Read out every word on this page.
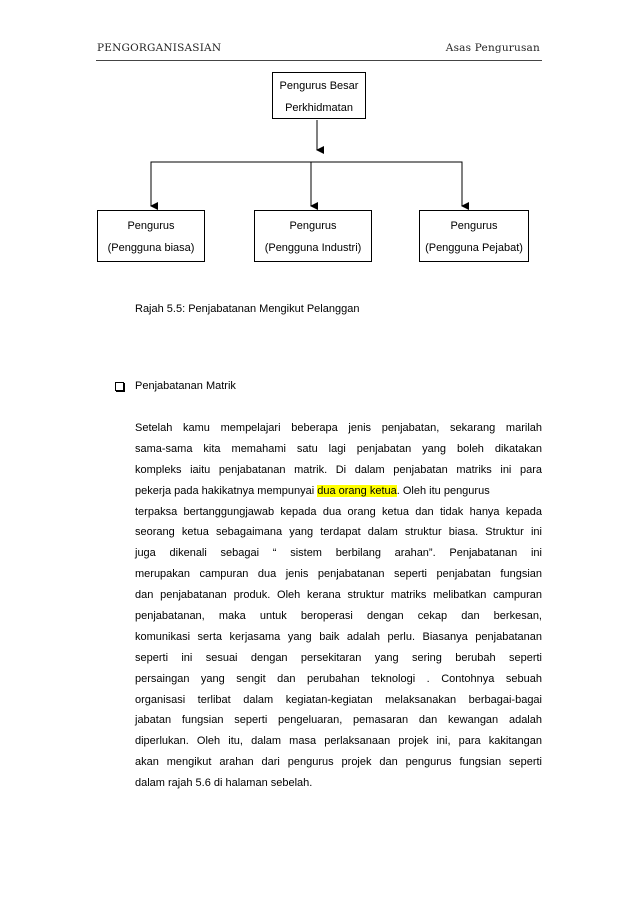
PENGORGANISASIAN	Asas Pengurusan
Pengurus Besar
Perkhidmatan
Pengurus
(Pengguna biasa)
Pengurus
(Pengguna Industri)
Pengurus
(Pengguna Pejabat)
Rajah 5.5: Penjabatanan Mengikut Pelanggan
Penjabatanan Matrik
Setelah kamu mempelajari beberapa jenis penjabatan, sekarang marilah
sama-sama kita memahami satu lagi penjabatan yang boleh dikatakan
kompleks iaitu penjabatanan matrik. Di dalam penjabatan matriks ini para
pekerja pada hakikatnya mempunyai dua orang ketua. Oleh itu pengurus
terpaksa bertanggungjawab kepada dua orang ketua dan tidak hanya kepada
seorang ketua sebagaimana yang terdapat dalam struktur biasa. Struktur ini
juga dikenali sebagai “ sistem berbilang arahan”. Penjabatanan ini
merupakan campuran dua jenis penjabatanan seperti penjabatan fungsian
dan penjabatanan produk. Oleh kerana struktur matriks melibatkan campuran
penjabatanan, maka untuk beroperasi dengan cekap dan berkesan,
komunikasi serta kerjasama yang baik adalah perlu. Biasanya penjabatanan
seperti ini sesuai dengan persekitaran yang sering berubah seperti
persaingan yang sengit dan perubahan teknologi . Contohnya sebuah
organisasi terlibat dalam kegiatan-kegiatan melaksanakan berbagai-bagai
jabatan fungsian seperti pengeluaran, pemasaran dan kewangan adalah
diperlukan. Oleh itu, dalam masa perlaksanaan projek ini, para kakitangan
akan mengikut arahan dari pengurus projek dan pengurus fungsian seperti
dalam rajah 5.6 di halaman sebelah.
